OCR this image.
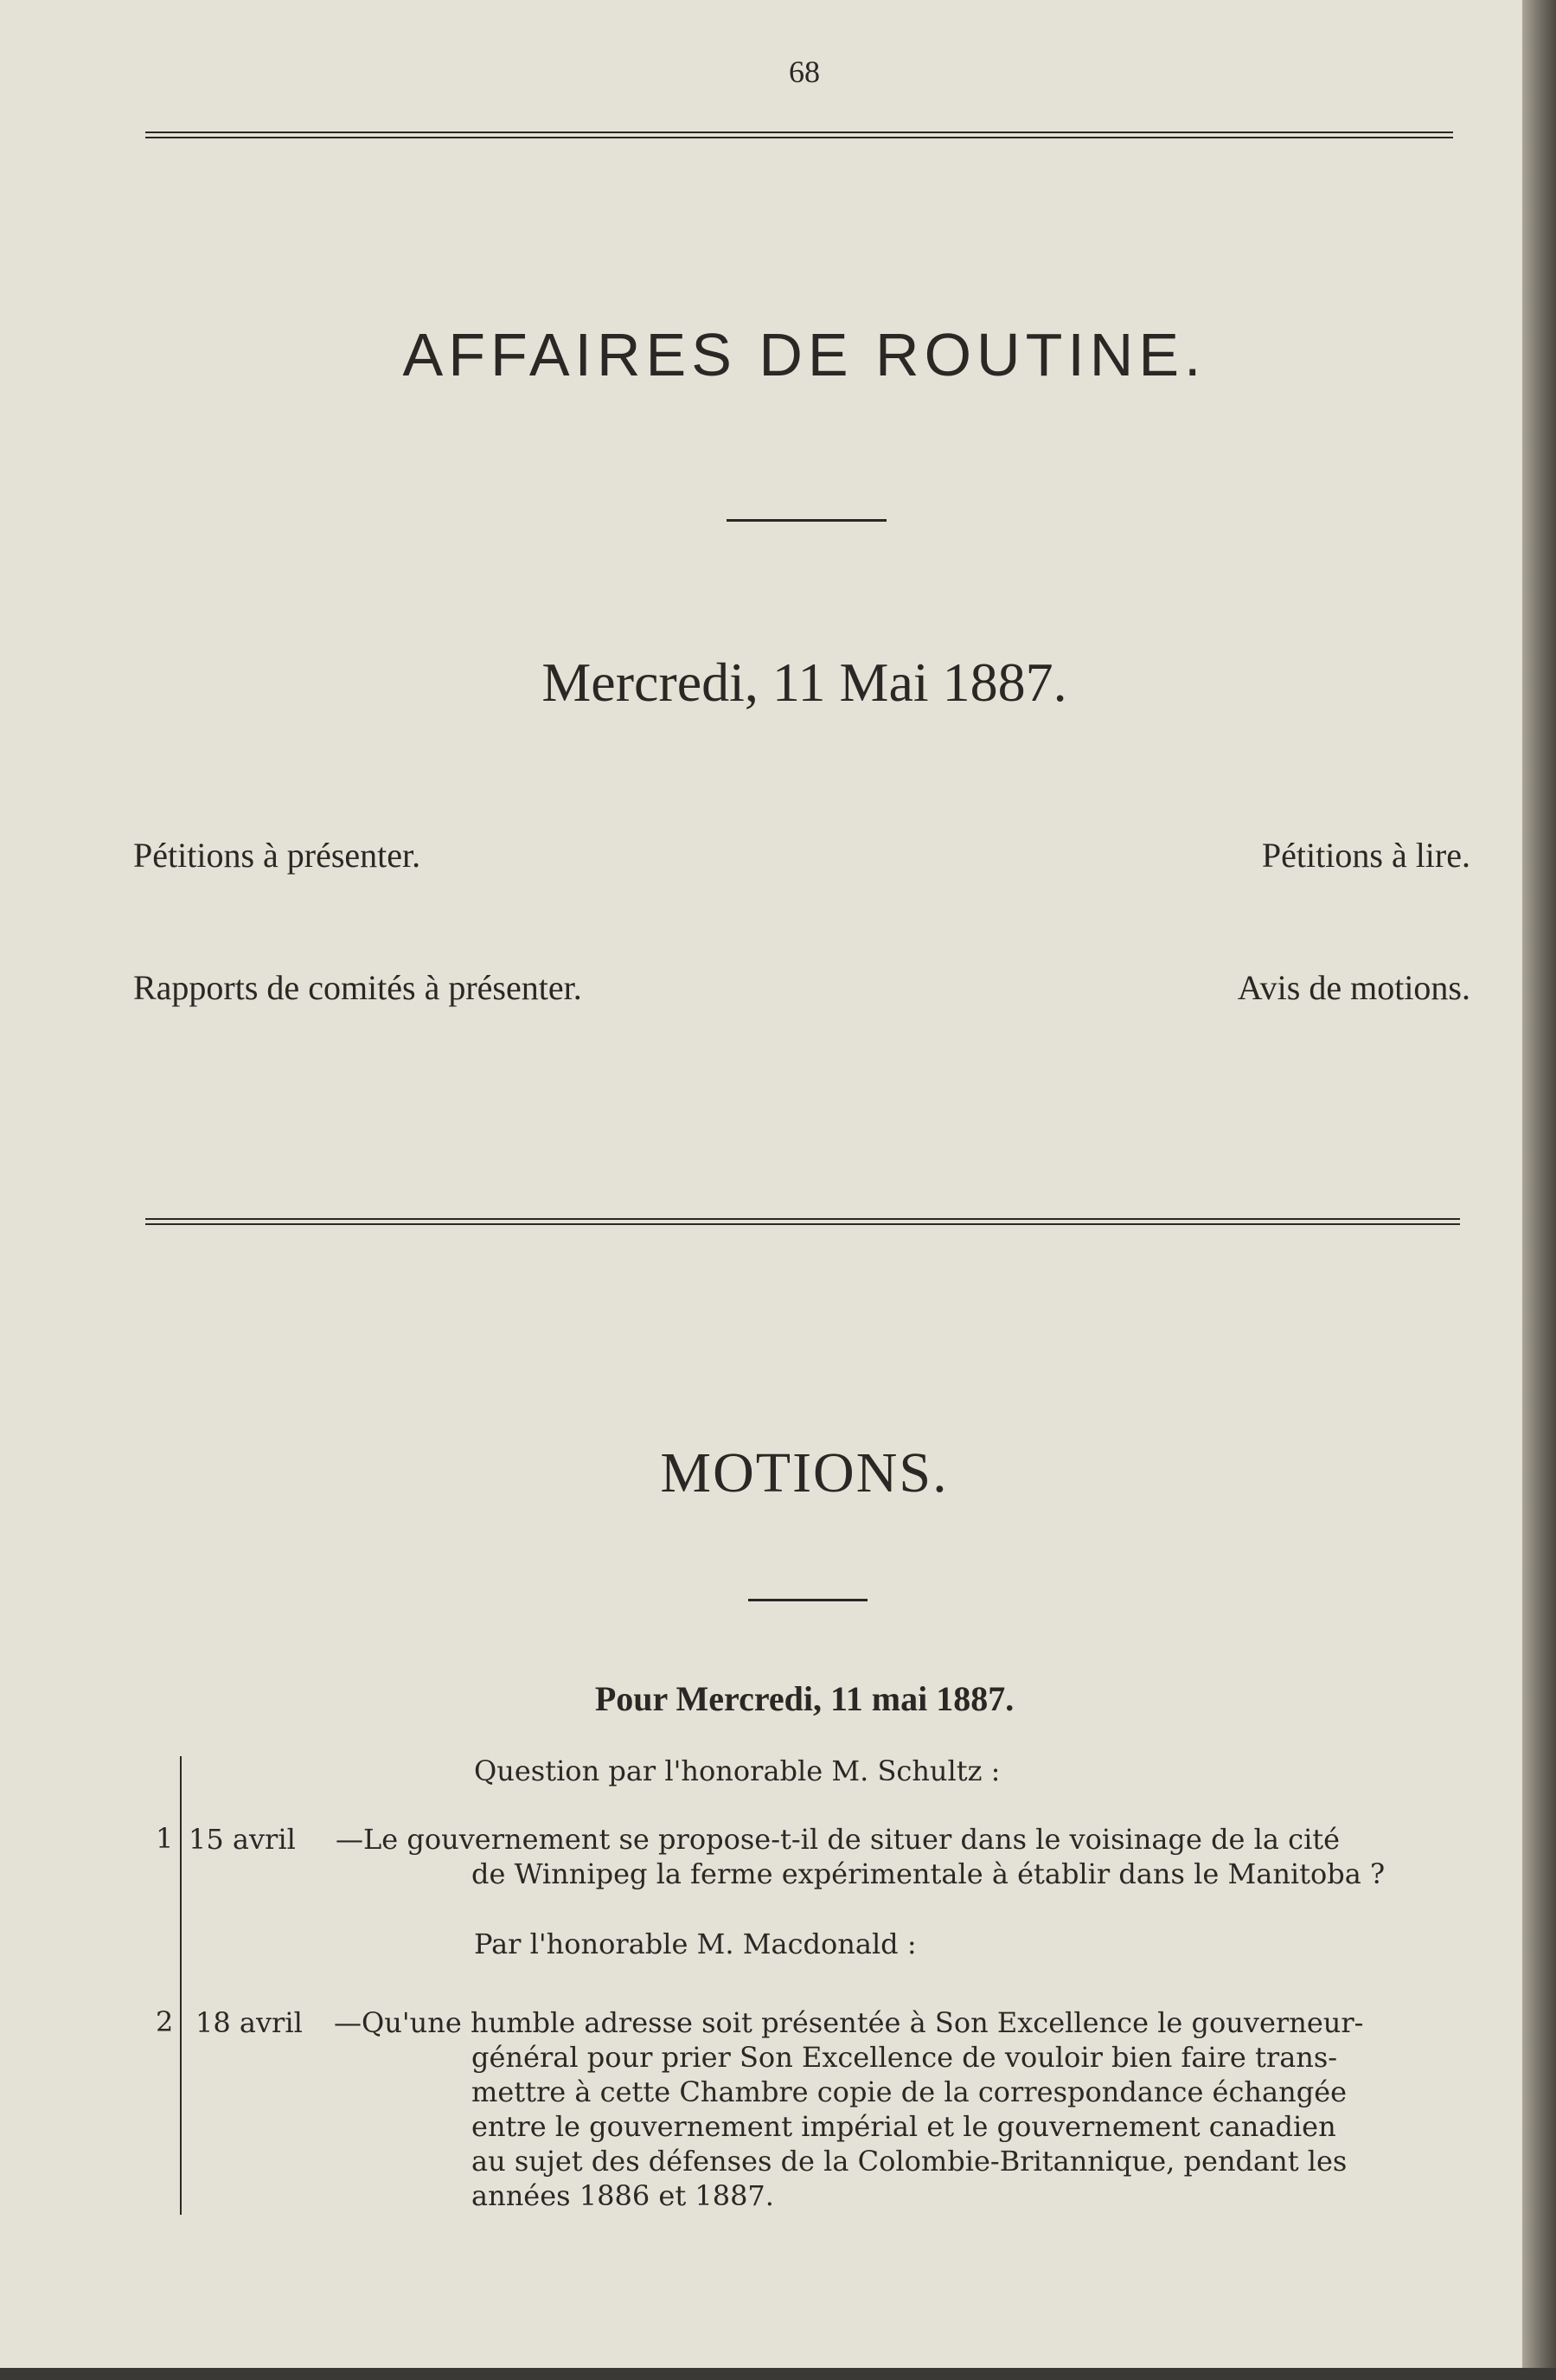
68
AFFAIRES DE ROUTINE.
Mercredi, 11 Mai 1887.
Pétitions à présenter.	Pétitions à lire.
Rapports de comités à présenter.	Avis de motions.
MOTIONS.
Pour Mercredi, 11 mai 1887.
Question par l'honorable M. Schultz :
1 15 avril —Le gouvernement se propose-t-il de situer dans le voisinage de la cité
de Winnipeg la ferme expérimentale à établir dans le Manitoba ?
Par l'honorable M. Macdonald :
2 18 avril —Qu'une humble adresse soit présentée à Son Excellence le gouverneur-
général pour prier Son Excellence de vouloir bien faire trans-
mettre à cette Chambre copie de la correspondance échangée
entre le gouvernement impérial et le gouvernement canadien
au sujet des défenses de la Colombie-Britannique, pendant les
années 1886 et 1887.
